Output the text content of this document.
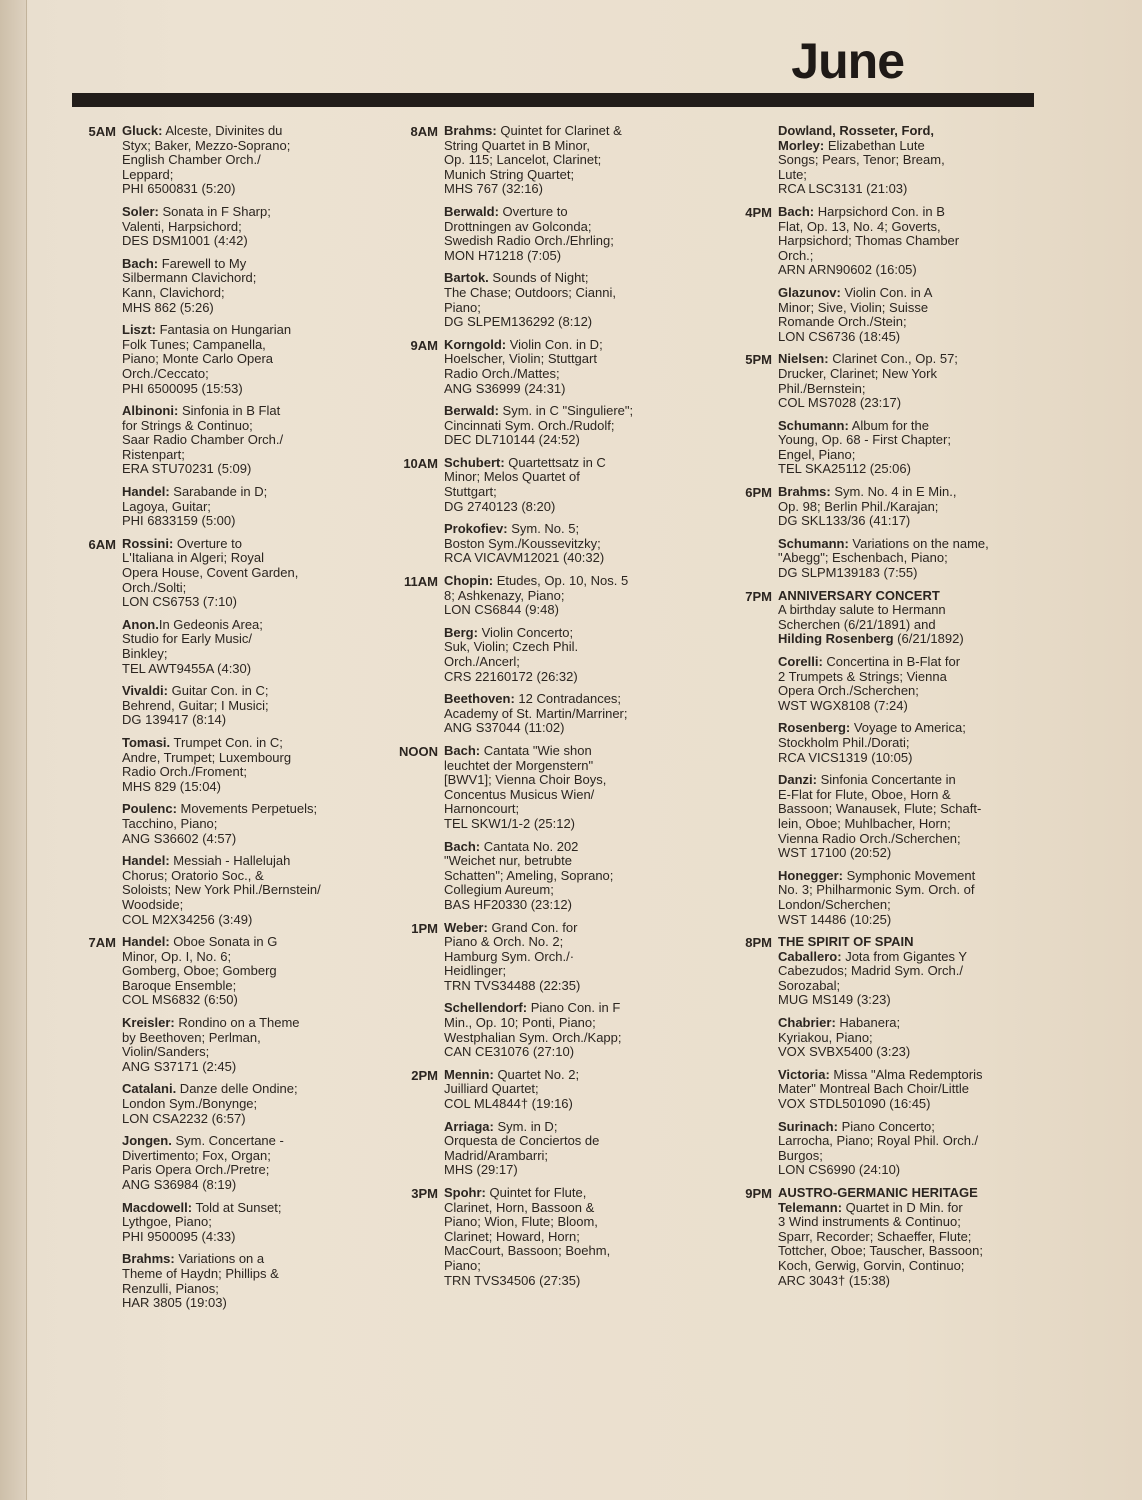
June
5AM Gluck: Alceste, Divinites du
Styx; Baker, Mezzo-Soprano;
English Chamber Orch./
Leppard;
PHI 6500831 (5:20)
Soler: Sonata in F Sharp;
Valenti, Harpsichord;
DES DSM1001 (4:42)
Bach: Farewell to My
Silbermann Clavichord;
Kann, Clavichord;
MHS 862 (5:26)
Liszt: Fantasia on Hungarian
Folk Tunes; Campanella,
Piano; Monte Carlo Opera
Orch./Ceccato;
PHI 6500095 (15:53)
Albinoni: Sinfonia in B Flat
for Strings & Continuo;
Saar Radio Chamber Orch./
Ristenpart;
ERA STU70231 (5:09)
Handel: Sarabande in D;
Lagoya, Guitar;
PHI 6833159 (5:00)
6AM Rossini: Overture to
L'Italiana in Algeri; Royal
Opera House, Covent Garden,
Orch./Solti;
LON CS6753 (7:10)
Anon.In Gedeonis Area;
Studio for Early Music/
Binkley;
TEL AWT9455A (4:30)
Vivaldi: Guitar Con. in C;
Behrend, Guitar; I Musici;
DG 139417 (8:14)
Tomasi. Trumpet Con. in C;
Andre, Trumpet; Luxembourg
Radio Orch./Froment;
MHS 829 (15:04)
Poulenc: Movements Perpetuels;
Tacchino, Piano;
ANG S36602 (4:57)
Handel: Messiah - Hallelujah
Chorus; Oratorio Soc., &
Soloists; New York Phil./Bernstein/
Woodside;
COL M2X34256 (3:49)
7AM Handel: Oboe Sonata in G
Minor, Op. I, No. 6;
Gomberg, Oboe; Gomberg
Baroque Ensemble;
COL MS6832 (6:50)
Kreisler: Rondino on a Theme
by Beethoven; Perlman,
Violin/Sanders;
ANG S37171 (2:45)
Catalani. Danze delle Ondine;
London Sym./Bonynge;
LON CSA2232 (6:57)
Jongen. Sym. Concertane -
Divertimento; Fox, Organ;
Paris Opera Orch./Pretre;
ANG S36984 (8:19)
Macdowell: Told at Sunset;
Lythgoe, Piano;
PHI 9500095 (4:33)
Brahms: Variations on a
Theme of Haydn; Phillips &
Renzulli, Pianos;
HAR 3805 (19:03)
8AM Brahms: Quintet for Clarinet &
String Quartet in B Minor,
Op. 115; Lancelot, Clarinet;
Munich String Quartet;
MHS 767 (32:16)
Berwald: Overture to
Drottningen av Golconda;
Swedish Radio Orch./Ehrling;
MON H71218 (7:05)
Bartok. Sounds of Night;
The Chase; Outdoors; Cianni,
Piano;
DG SLPEM136292 (8:12)
9AM Korngold: Violin Con. in D;
Hoelscher, Violin; Stuttgart
Radio Orch./Mattes;
ANG S36999 (24:31)
Berwald: Sym. in C "Singuliere";
Cincinnati Sym. Orch./Rudolf;
DEC DL710144 (24:52)
10AM Schubert: Quartettsatz in C
Minor; Melos Quartet of
Stuttgart;
DG 2740123 (8:20)
Prokofiev: Sym. No. 5;
Boston Sym./Koussevitzky;
RCA VICAVM12021 (40:32)
11AM Chopin: Etudes, Op. 10, Nos. 5
8; Ashkenazy, Piano;
LON CS6844 (9:48)
Berg: Violin Concerto;
Suk, Violin; Czech Phil.
Orch./Ancerl;
CRS 22160172 (26:32)
Beethoven: 12 Contradances;
Academy of St. Martin/Marriner;
ANG S37044 (11:02)
NOON Bach: Cantata "Wie shon
leuchtet der Morgenstern"
[BWV1]; Vienna Choir Boys,
Concentus Musicus Wien/
Harnoncourt;
TEL SKW1/1-2 (25:12)
Bach: Cantata No. 202
"Weichet nur, betrubte
Schatten"; Ameling, Soprano;
Collegium Aureum;
BAS HF20330 (23:12)
1PM Weber: Grand Con. for
Piano & Orch. No. 2;
Hamburg Sym. Orch./·
Heidlinger;
TRN TVS34488 (22:35)
Schellendorf: Piano Con. in F
Min., Op. 10; Ponti, Piano;
Westphalian Sym. Orch./Kapp;
CAN CE31076 (27:10)
2PM Mennin: Quartet No. 2;
Juilliard Quartet;
COL ML4844† (19:16)
Arriaga: Sym. in D;
Orquesta de Conciertos de
Madrid/Arambarri;
MHS (29:17)
3PM Spohr: Quintet for Flute,
Clarinet, Horn, Bassoon &
Piano; Wion, Flute; Bloom,
Clarinet; Howard, Horn;
MacCourt, Bassoon; Boehm,
Piano;
TRN TVS34506 (27:35)
Dowland, Rosseter, Ford,
Morley: Elizabethan Lute
Songs; Pears, Tenor; Bream,
Lute;
RCA LSC3131 (21:03)
4PM Bach: Harpsichord Con. in B
Flat, Op. 13, No. 4; Goverts,
Harpsichord; Thomas Chamber
Orch.;
ARN ARN90602 (16:05)
Glazunov: Violin Con. in A
Minor; Sive, Violin; Suisse
Romande Orch./Stein;
LON CS6736 (18:45)
5PM Nielsen: Clarinet Con., Op. 57;
Drucker, Clarinet; New York
Phil./Bernstein;
COL MS7028 (23:17)
Schumann: Album for the
Young, Op. 68 - First Chapter;
Engel, Piano;
TEL SKA25112 (25:06)
6PM Brahms: Sym. No. 4 in E Min.,
Op. 98; Berlin Phil./Karajan;
DG SKL133/36 (41:17)
Schumann: Variations on the name,
"Abegg"; Eschenbach, Piano;
DG SLPM139183 (7:55)
7PM ANNIVERSARY CONCERT
A birthday salute to Hermann
Scherchen (6/21/1891) and
Hilding Rosenberg (6/21/1892)
Corelli: Concertina in B-Flat for
2 Trumpets & Strings; Vienna
Opera Orch./Scherchen;
WST WGX8108 (7:24)
Rosenberg: Voyage to America;
Stockholm Phil./Dorati;
RCA VICS1319 (10:05)
Danzi: Sinfonia Concertante in
E-Flat for Flute, Oboe, Horn &
Bassoon; Wanausek, Flute; Schaft-
lein, Oboe; Muhlbacher, Horn;
Vienna Radio Orch./Scherchen;
WST 17100 (20:52)
Honegger: Symphonic Movement
No. 3; Philharmonic Sym. Orch. of
London/Scherchen;
WST 14486 (10:25)
8PM THE SPIRIT OF SPAIN
Caballero: Jota from Gigantes Y
Cabezudos; Madrid Sym. Orch./
Sorozabal;
MUG MS149 (3:23)
Chabrier: Habanera;
Kyriakou, Piano;
VOX SVBX5400 (3:23)
Victoria: Missa "Alma Redemptoris
Mater" Montreal Bach Choir/Little
VOX STDL501090 (16:45)
Surinach: Piano Concerto;
Larrocha, Piano; Royal Phil. Orch./
Burgos;
LON CS6990 (24:10)
9PM AUSTRO-GERMANIC HERITAGE
Telemann: Quartet in D Min. for
3 Wind instruments & Continuo;
Sparr, Recorder; Schaeffer, Flute;
Tottcher, Oboe; Tauscher, Bassoon;
Koch, Gerwig, Gorvin, Continuo;
ARC 3043† (15:38)
